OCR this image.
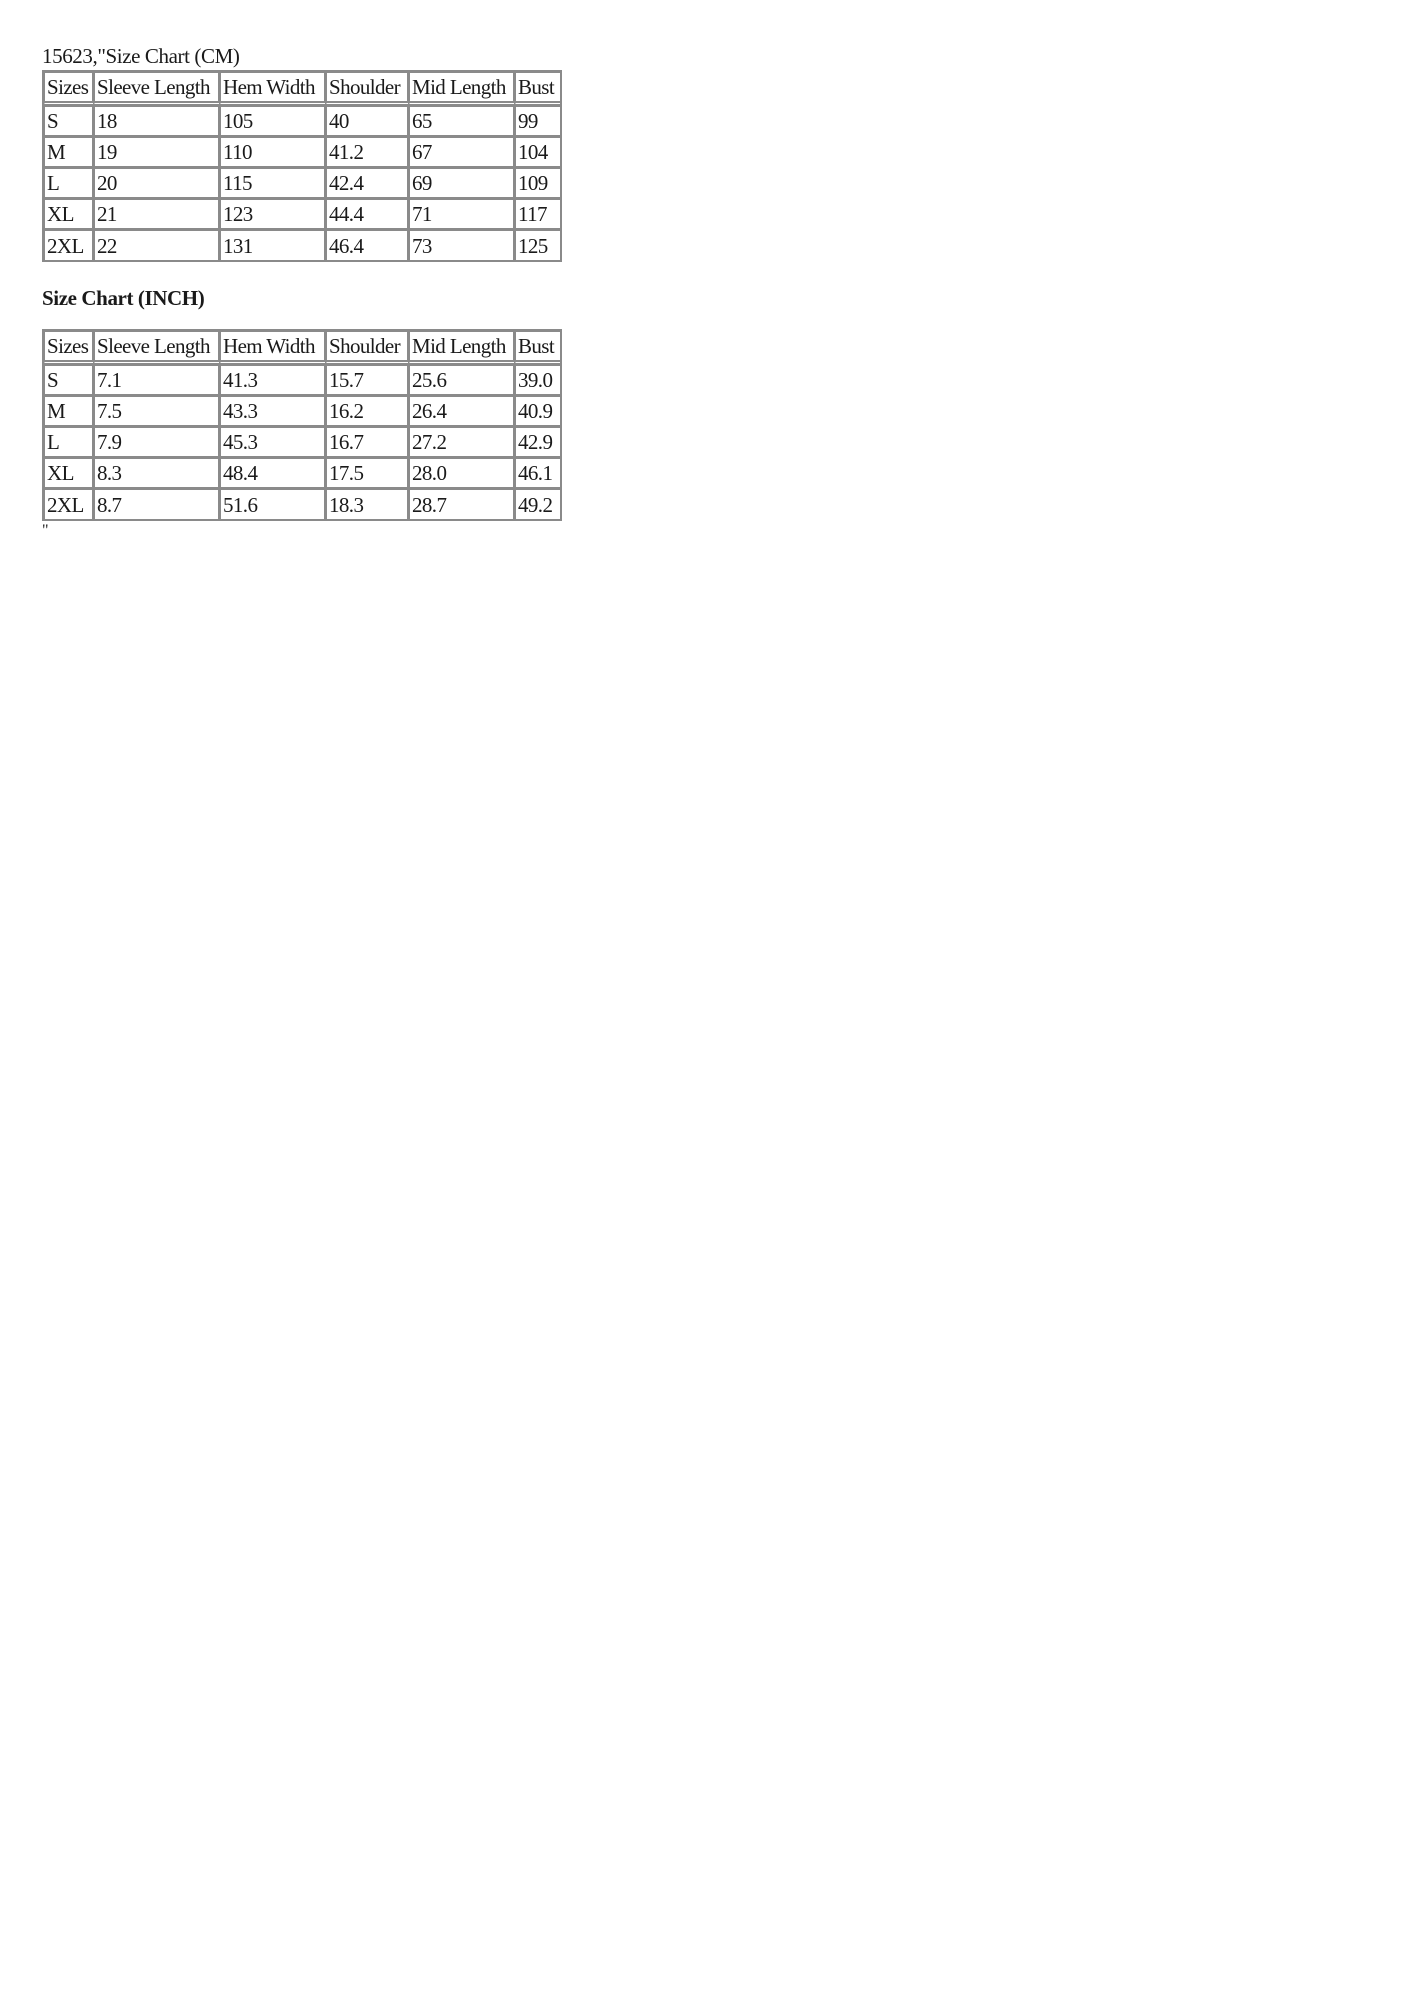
15623,"Size Chart (CM)
Sizes	Sleeve Length	Hem Width	Shoulder	Mid Length	Bust
S	18	105	40	65	99
M	19	110	41.2	67	104
L	20	115	42.4	69	109
XL	21	123	44.4	71	117
2XL	22	131	46.4	73	125
Size Chart (INCH)
Sizes	Sleeve Length	Hem Width	Shoulder	Mid Length	Bust
S	7.1	41.3	15.7	25.6	39.0
M	7.5	43.3	16.2	26.4	40.9
L	7.9	45.3	16.7	27.2	42.9
XL	8.3	48.4	17.5	28.0	46.1
2XL	8.7	51.6	18.3	28.7	49.2
"
